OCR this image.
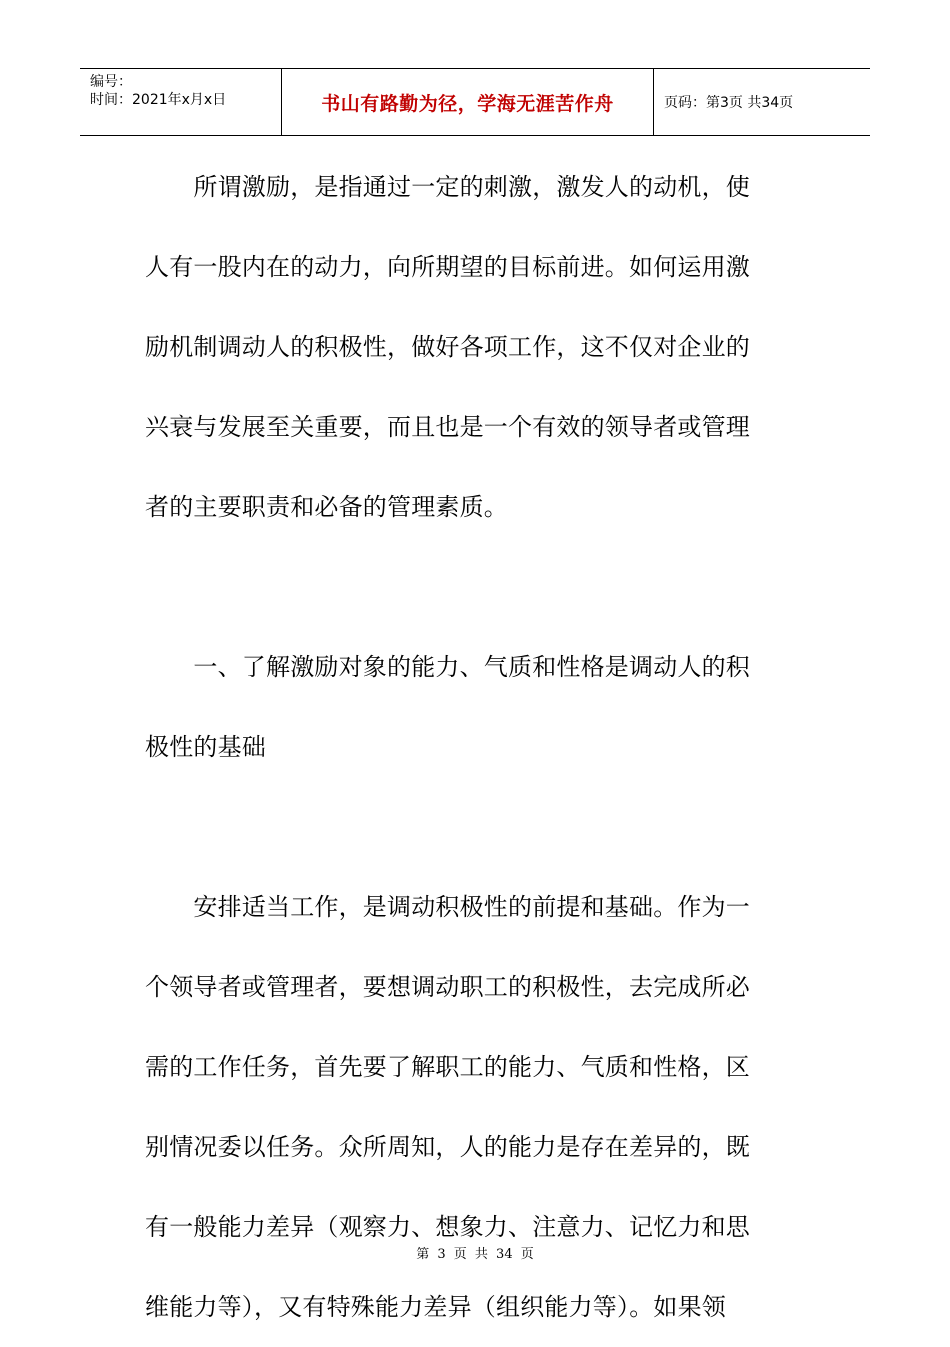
编号：
时间：2021年x月x日	书山有路勤为径，学海无涯苦作舟	页码：第3页 共34页
　　所谓激励，是指通过一定的刺激，激发人的动机，使
人有一股内在的动力，向所期望的目标前进。如何运用激
励机制调动人的积极性，做好各项工作，这不仅对企业的
兴衰与发展至关重要，而且也是一个有效的领导者或管理
者的主要职责和必备的管理素质。
　　一、了解激励对象的能力、气质和性格是调动人的积
极性的基础
　　安排适当工作，是调动积极性的前提和基础。作为一
个领导者或管理者，要想调动职工的积极性，去完成所必
需的工作任务，首先要了解职工的能力、气质和性格，区
别情况委以任务。众所周知，人的能力是存在差异的，既
有一般能力差异（观察力、想象力、注意力、记忆力和思
维能力等），又有特殊能力差异（组织能力等）。如果领
第 3 页 共 34 页
